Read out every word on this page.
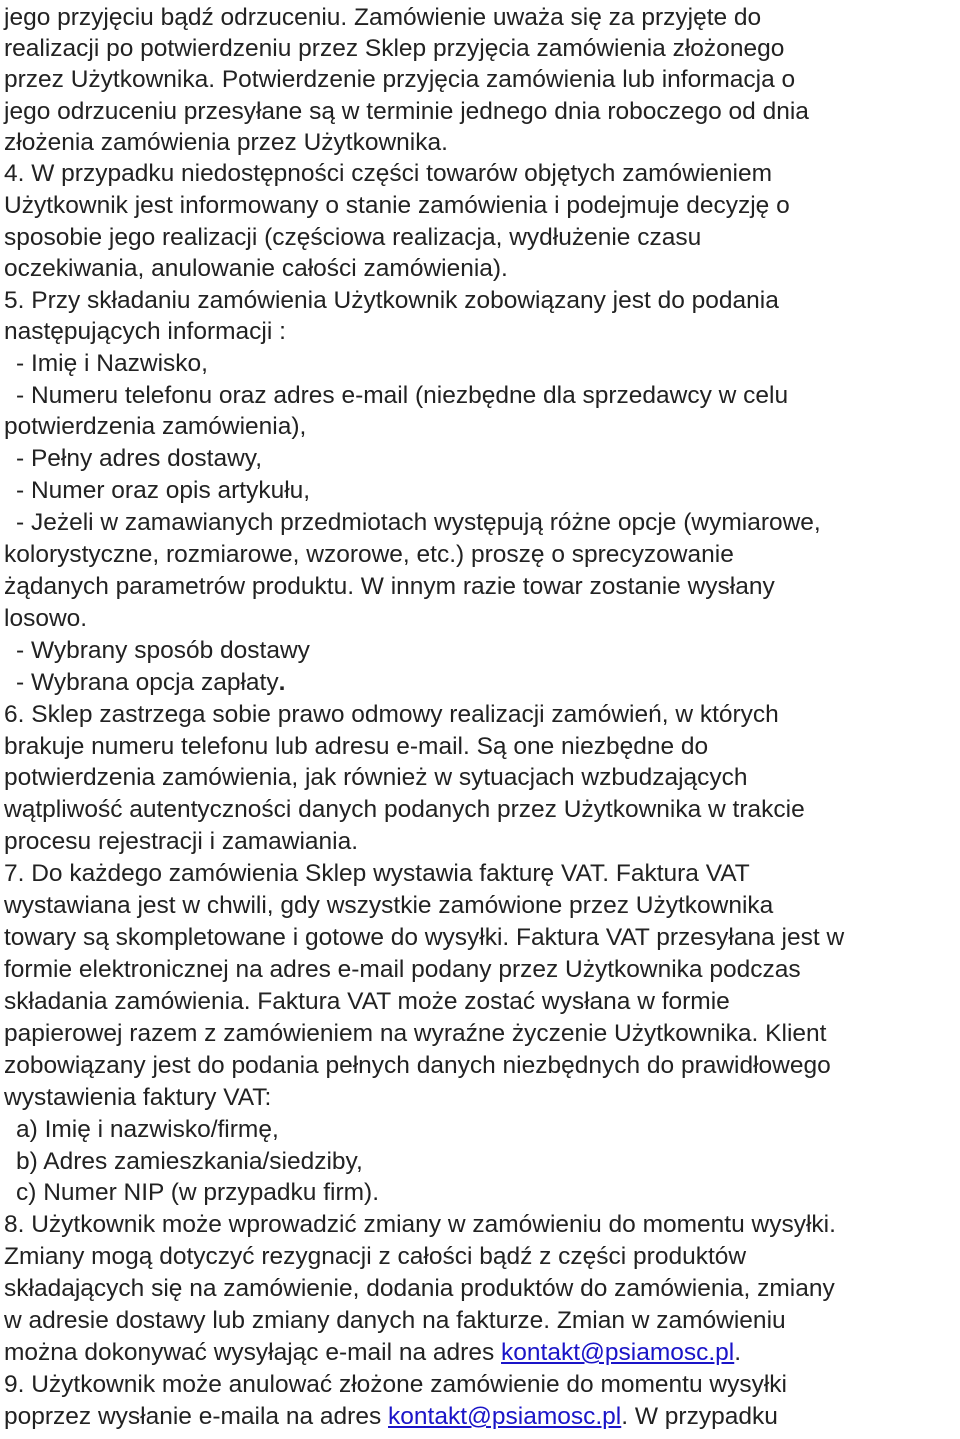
jego przyjęciu bądź odrzuceniu. Zamówienie uważa się za przyjęte do

realizacji po potwierdzeniu przez Sklep przyjęcia zamówienia złożonego

przez Użytkownika. Potwierdzenie przyjęcia zamówienia lub informacja o

jego odrzuceniu przesyłane są w terminie jednego dnia roboczego od dnia

złożenia zamówienia przez Użytkownika.

4. W przypadku niedostępności części towarów objętych zamówieniem

Użytkownik jest informowany o stanie zamówienia i podejmuje decyzję o

sposobie jego realizacji (częściowa realizacja, wydłużenie czasu

oczekiwania, anulowanie całości zamówienia).

5. Przy składaniu zamówienia Użytkownik zobowiązany jest do podania

następujących informacji :

- Imię i Nazwisko,

- Numeru telefonu oraz adres e-mail (niezbędne dla sprzedawcy w celu

potwierdzenia zamówienia),

- Pełny adres dostawy,

- Numer oraz opis artykułu,

- Jeżeli w zamawianych przedmiotach występują różne opcje (wymiarowe,

kolorystyczne, rozmiarowe, wzorowe, etc.) proszę o sprecyzowanie

żądanych parametrów produktu. W innym razie towar zostanie wysłany

losowo.

- Wybrany sposób dostawy

- Wybrana opcja zapłaty.

6. Sklep zastrzega sobie prawo odmowy realizacji zamówień, w których

brakuje numeru telefonu lub adresu e-mail. Są one niezbędne do

potwierdzenia zamówienia, jak również w sytuacjach wzbudzających

wątpliwość autentyczności danych podanych przez Użytkownika w trakcie

procesu rejestracji i zamawiania.

7. Do każdego zamówienia Sklep wystawia fakturę VAT. Faktura VAT

wystawiana jest w chwili, gdy wszystkie zamówione przez Użytkownika

towary są skompletowane i gotowe do wysyłki. Faktura VAT przesyłana jest w

formie elektronicznej na adres e-mail podany przez Użytkownika podczas

składania zamówienia. Faktura VAT może zostać wysłana w formie

papierowej razem z zamówieniem na wyraźne życzenie Użytkownika. Klient

zobowiązany jest do podania pełnych danych niezbędnych do prawidłowego

wystawienia faktury VAT:

a) Imię i nazwisko/firmę,

b) Adres zamieszkania/siedziby,

c) Numer NIP (w przypadku firm).

8. Użytkownik może wprowadzić zmiany w zamówieniu do momentu wysyłki.

Zmiany mogą dotyczyć rezygnacji z całości bądź z części produktów

składających się na zamówienie, dodania produktów do zamówienia, zmiany

w adresie dostawy lub zmiany danych na fakturze. Zmian w zamówieniu

można dokonywać wysyłając e-mail na adres kontakt@psiamosc.pl.

9. Użytkownik może anulować złożone zamówienie do momentu wysyłki

poprzez wysłanie e-maila na adres kontakt@psiamosc.pl. W przypadku
